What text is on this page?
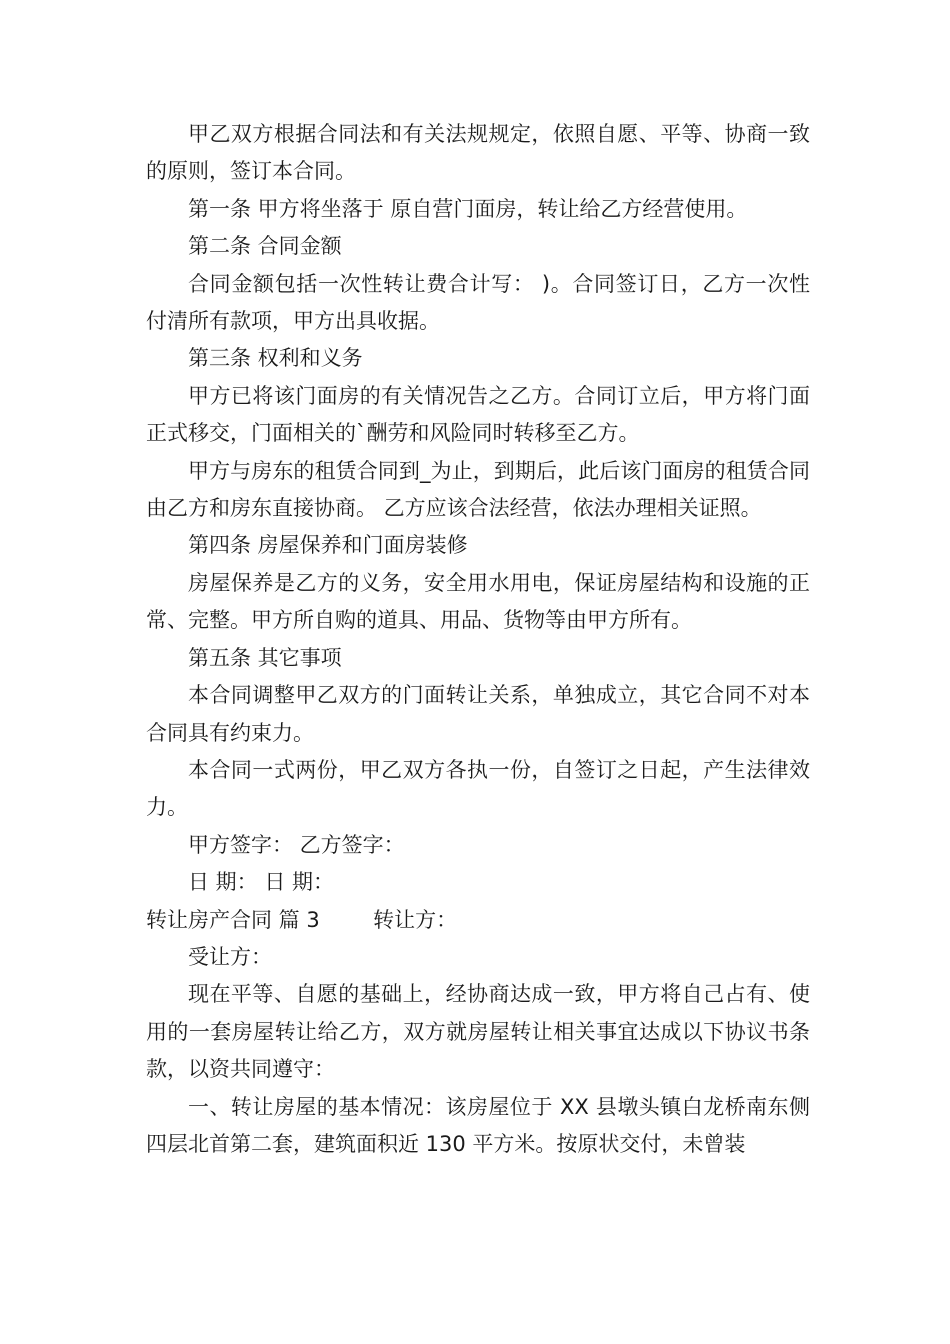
甲乙双方根据合同法和有关法规规定，依照自愿、平等、协商一致的原则，签订本合同。

第一条 甲方将坐落于 原自营门面房，转让给乙方经营使用。

第二条 合同金额

合同金额包括一次性转让费合计写： )。合同签订日，乙方一次性付清所有款项，甲方出具收据。

第三条 权利和义务

甲方已将该门面房的有关情况告之乙方。合同订立后，甲方将门面正式移交，门面相关的`酬劳和风险同时转移至乙方。

甲方与房东的租赁合同到_为止，到期后，此后该门面房的租赁合同由乙方和房东直接协商。 乙方应该合法经营，依法办理相关证照。

第四条 房屋保养和门面房装修

房屋保养是乙方的义务，安全用水用电，保证房屋结构和设施的正常、完整。甲方所自购的道具、用品、货物等由甲方所有。

第五条 其它事项

本合同调整甲乙双方的门面转让关系，单独成立，其它合同不对本合同具有约束力。

本合同一式两份，甲乙双方各执一份，自签订之日起，产生法律效力。

甲方签字： 乙方签字：

日 期： 日 期：

转让房产合同 篇 3        转让方：

受让方：

现在平等、自愿的基础上，经协商达成一致，甲方将自己占有、使用的一套房屋转让给乙方，双方就房屋转让相关事宜达成以下协议书条款，以资共同遵守：

一、转让房屋的基本情况：该房屋位于 XX 县墩头镇白龙桥南东侧四层北首第二套，建筑面积近 130 平方米。按原状交付，未曾装
